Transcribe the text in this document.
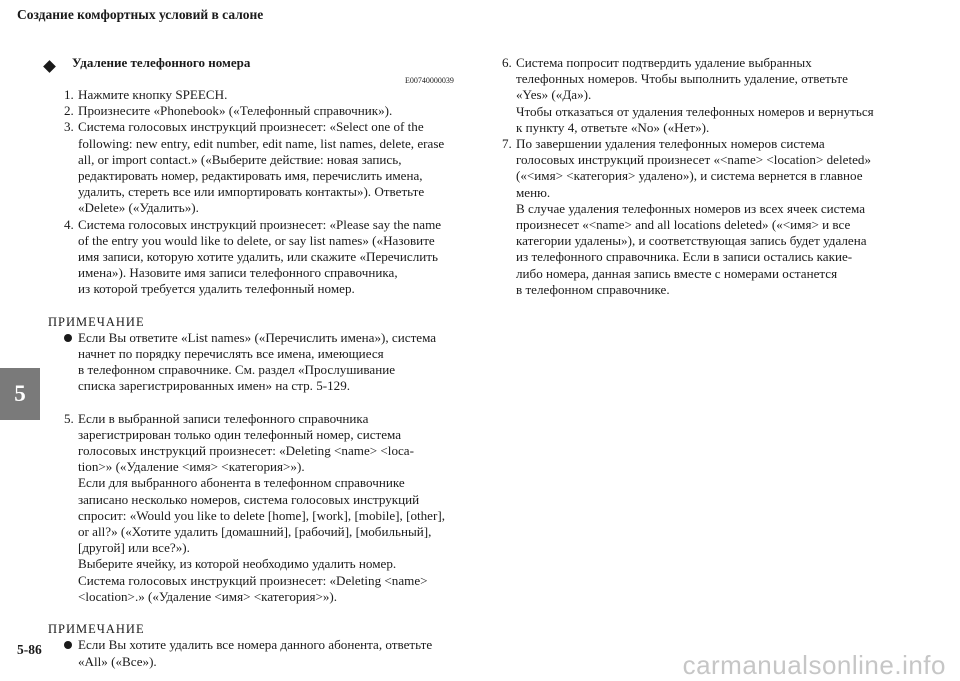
Создание комфортных условий в салоне
5
5-86
carmanualsonline.info
Удаление телефонного номера
E00740000039
1. Нажмите кнопку SPEECH.
2. Произнесите «Phonebook» («Телефонный справочник»).
3. Система голосовых инструкций произнесет: «Select one of the
following: new entry, edit number, edit name, list names, delete, erase
all, or import contact.» («Выберите действие: новая запись,
редактировать номер, редактировать имя, перечислить имена,
удалить, стереть все или импортировать контакты»). Ответьте
«Delete» («Удалить»).
4. Система голосовых инструкций произнесет: «Please say the name
of the entry you would like to delete, or say list names» («Назовите
имя записи, которую хотите удалить, или скажите «Перечислить
имена»). Назовите имя записи телефонного справочника,
из которой требуется удалить телефонный номер.
ПРИМЕЧАНИЕ
Если Вы ответите «List names» («Перечислить имена»), система
начнет по порядку перечислять все имена, имеющиеся
в телефонном справочнике. См. раздел «Прослушивание
списка зарегистрированных имен» на стр. 5-129.
5. Если в выбранной записи телефонного справочника
зарегистрирован только один телефонный номер, система
голосовых инструкций произнесет: «Deleting <name> <loca-
tion>» («Удаление <имя> <категория>»).
Если для выбранного абонента в телефонном справочнике
записано несколько номеров, система голосовых инструкций
спросит: «Would you like to delete [home], [work], [mobile], [other],
or all?» («Хотите удалить [домашний], [рабочий], [мобильный],
[другой] или все?»).
Выберите ячейку, из которой необходимо удалить номер.
Система голосовых инструкций произнесет: «Deleting <name>
<location>.» («Удаление <имя> <категория>»).
ПРИМЕЧАНИЕ
Если Вы хотите удалить все номера данного абонента, ответьте
«All» («Все»).
6. Система попросит подтвердить удаление выбранных
телефонных номеров. Чтобы выполнить удаление, ответьте
«Yes» («Да»).
Чтобы отказаться от удаления телефонных номеров и вернуться
к пункту 4, ответьте «No» («Нет»).
7. По завершении удаления телефонных номеров система
голосовых инструкций произнесет «<name> <location> deleted»
(«<имя> <категория> удалено»), и система вернется в главное
меню.
В случае удаления телефонных номеров из всех ячеек система
произнесет «<name> and all locations deleted» («<имя> и все
категории удалены»), и соответствующая запись будет удалена
из телефонного справочника. Если в записи остались какие-
либо номера, данная запись вместе с номерами останется
в телефонном справочнике.
